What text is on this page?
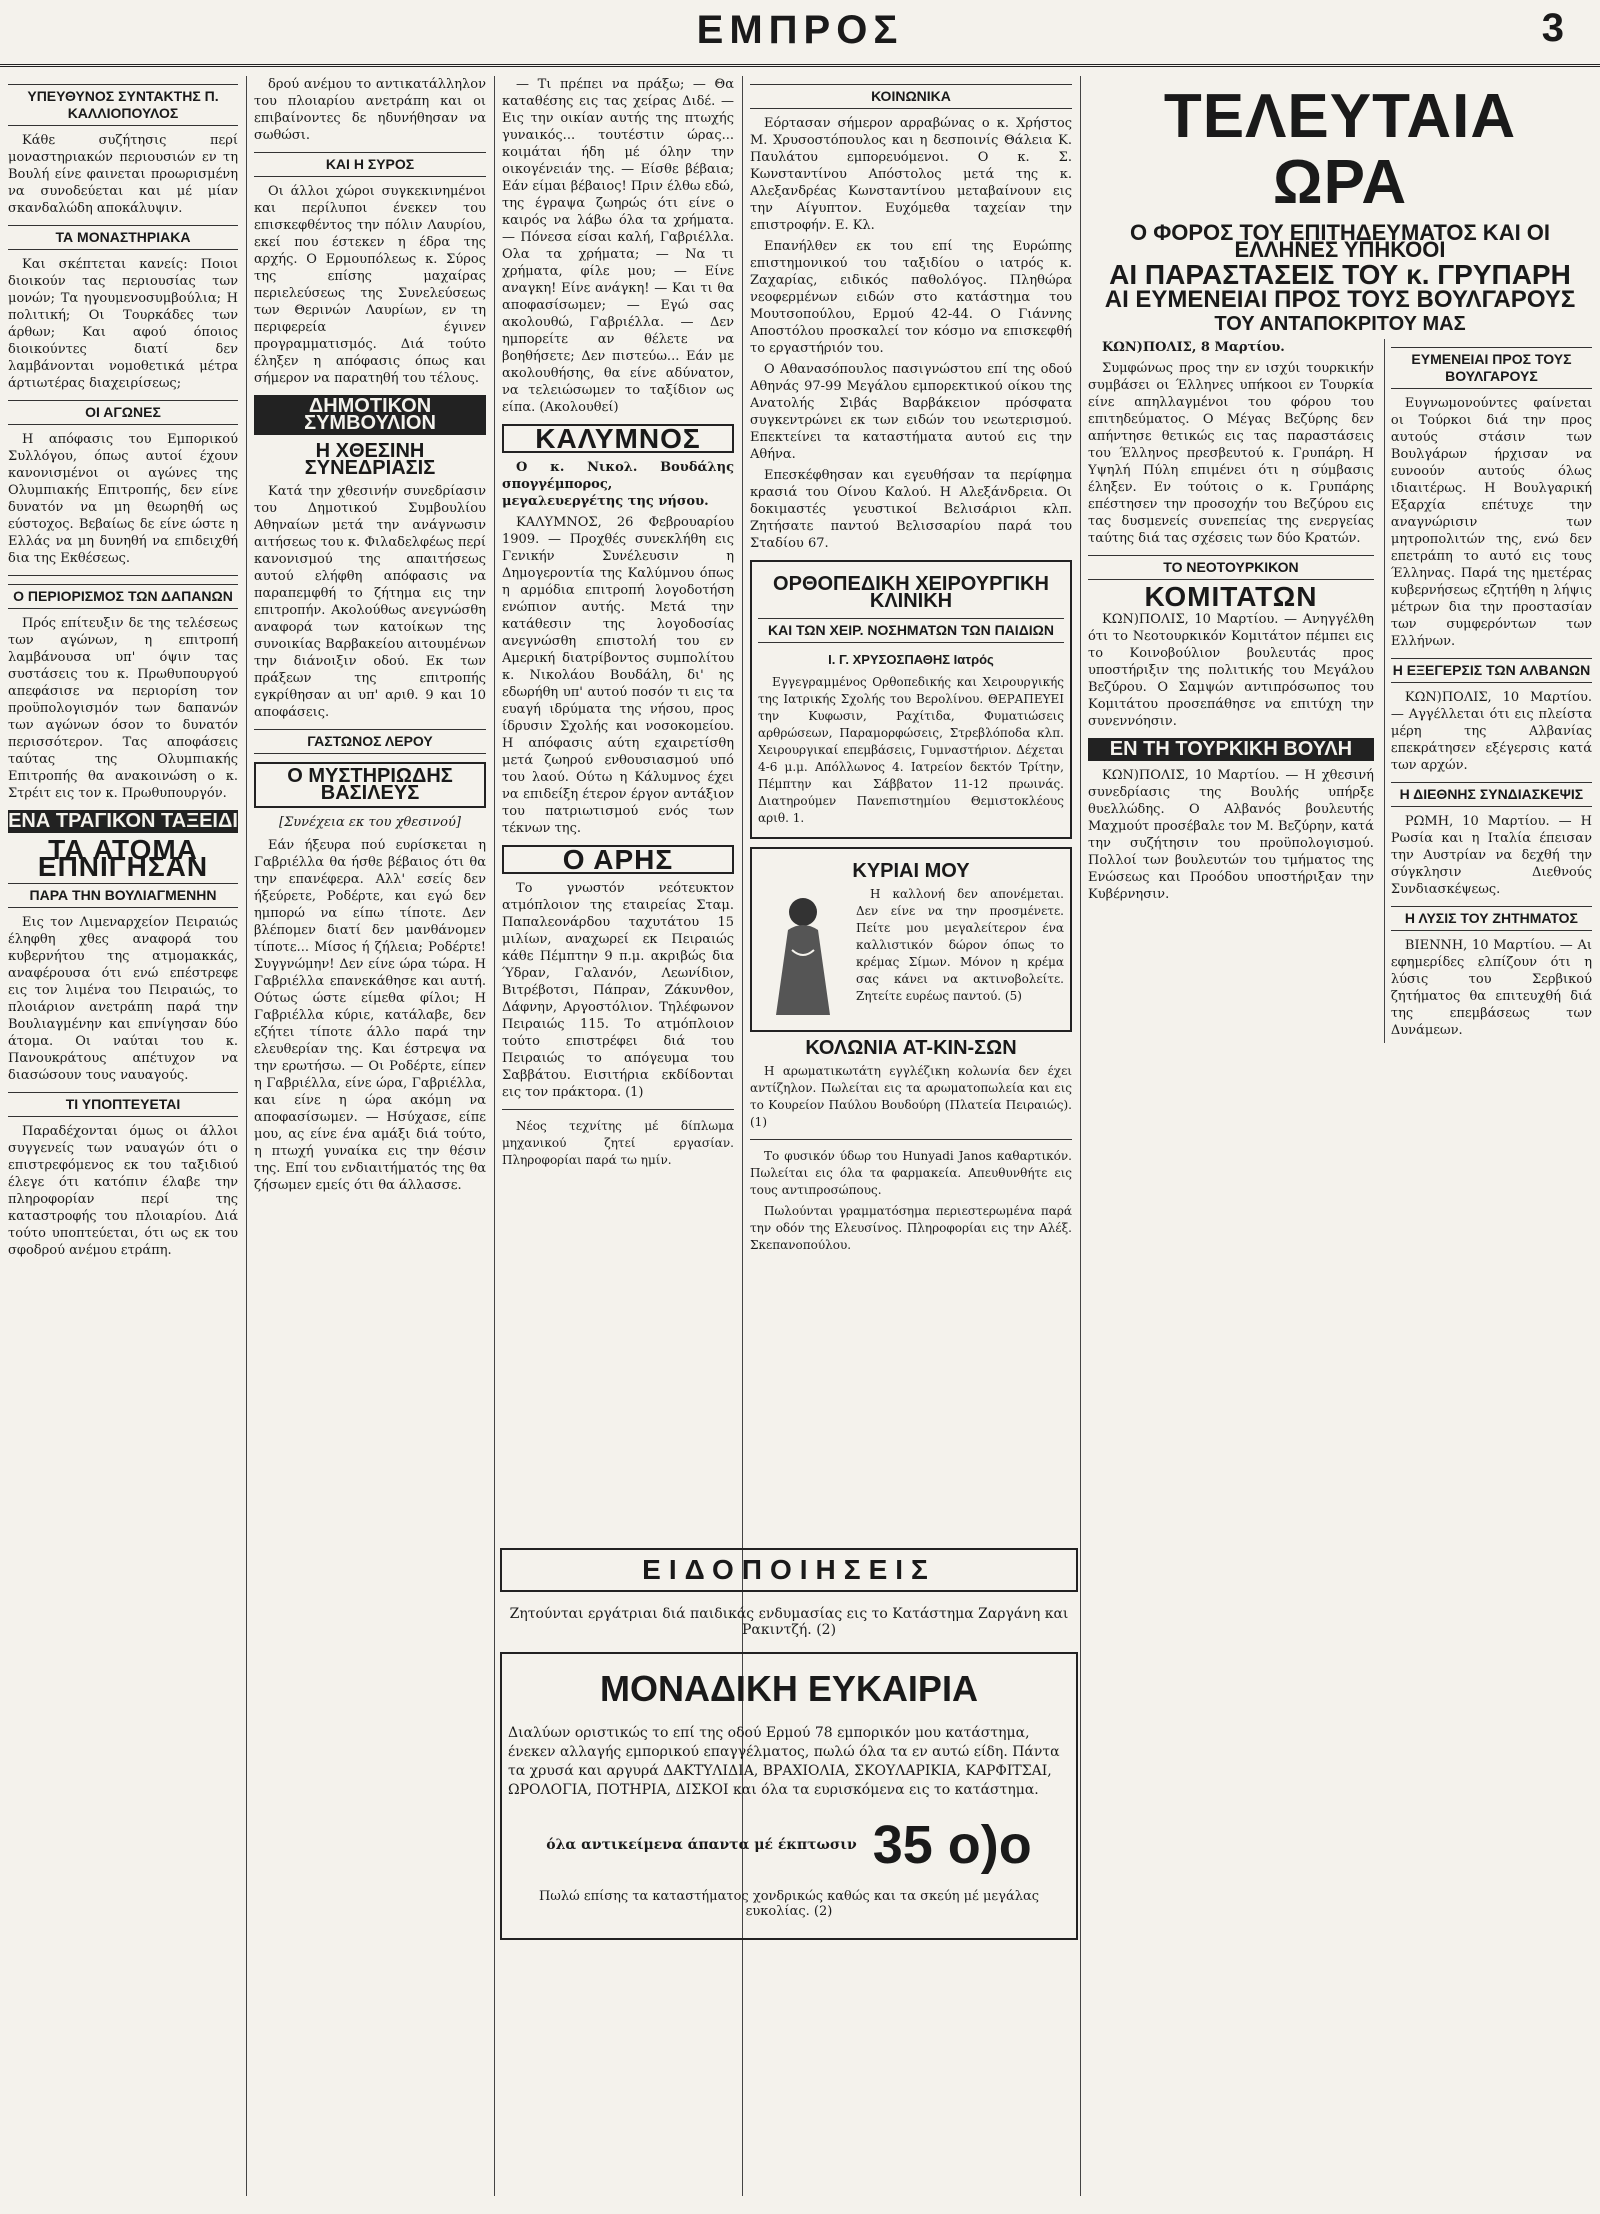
ΕΜΠΡΟΣ	3
ΥΠΕΥΘΥΝΟΣ ΣΥΝΤΑΚΤΗΣ Π. ΚΑΛΛΙΟΠΟΥΛΟΣ

Κάθε συζήτησις περί μοναστηριακών περιουσιών εν τη Βουλή είνε φαινεται προωρισμένη να συνοδεύεται και μέ μίαν σκανδαλώδη αποκάλυψιν.

ΤΑ ΜΟΝΑΣΤΗΡΙΑΚΑ

Και σκέπτεται κανείς: Ποιοι διοικούν τας περιουσίας των μονών; Τα ηγουμενοσυμβούλια; Η πολιτική; Οι Τουρκάδες των άρθων; Και αφού όποιος διοικούντες διατί δεν λαμβάνονται νομοθετικά μέτρα άρτιωτέρας διαχειρίσεως;

ΟΙ ΑΓΩΝΕΣ

Η απόφασις του Εμπορικού Συλλόγου, όπως αυτοί έχουν κανονισμένοι οι αγώνες της Ολυμπιακής Επιτροπής, δεν είνε δυνατόν να μη θεωρηθή ως εύστοχος. Βεβαίως δε είνε ώστε η Ελλάς να μη δυνηθή να επιδειχθή δια της Εκθέσεως.

Ο ΠΕΡΙΟΡΙΣΜΟΣ ΤΩΝ ΔΑΠΑΝΩΝ

Πρός επίτευξιν δε της τελέσεως των αγώνων, η επιτροπή λαμβάνουσα υπ' όψιν τας συστάσεις του κ. Πρωθυπουργού απεφάσισε να περιορίση τον προϋπολογισμόν των δαπανών των αγώνων όσον το δυνατόν περισσότερον. Τας αποφάσεις ταύτας της Ολυμπιακής Επιτροπής θα ανακοινώση ο κ. Στρέιτ εις τον κ. Πρωθυπουργόν.

ΕΝΑ ΤΡΑΓΙΚΟΝ ΤΑΞΕΙΔΙ
ΤΑ ΑΤΟΜΑ ΕΠΝΙΓΗΣΑΝ
ΠΑΡΑ ΤΗΝ ΒΟΥΛΙΑΓΜΕΝΗΝ

Εις τον Λιμεναρχείον Πειραιώς έληφθη χθες αναφορά του κυβερνήτου της ατμομακκάς, αναφέρουσα ότι ενώ επέστρεφε εις τον λιμένα του Πειραιώς, το πλοιάριον ανετράπη παρά την Βουλιαγμένην και επνίγησαν δύο άτομα. Οι ναύται του κ. Πανουκράτους απέτυχον να διασώσουν τους ναυαγούς.

ΤΙ ΥΠΟΠΤΕΥΕΤΑΙ

Παραδέχονται όμως οι άλλοι συγγενείς των ναυαγών ότι ο επιστρεφόμενος εκ του ταξιδιού έλεγε ότι κατόπιν έλαβε την πληροφορίαν περί της καταστροφής του πλοιαρίου. Διά τούτο υποπτεύεται, ότι ως εκ του σφοδρού ανέμου ετράπη.

δρού ανέμου το αντικατάλληλον του πλοιαρίου ανετράπη και οι επιβαίνοντες δε ηδυνήθησαν να σωθώσι.

ΚΑΙ Η ΣΥΡΟΣ

Οι άλλοι χώροι συγκεκινημένοι και περίλυποι ένεκεν του επισκεφθέντος την πόλιν Λαυρίου, εκεί που έστεκεν η έδρα της αρχής. Ο Ερμουπόλεως κ. Σύρος της επίσης μαχαίρας περιελεύσεως της Συνελεύσεως των Θερινών Λαυρίων, εν τη περιφερεία έγινεν προγραμματισμός. Διά τούτο έληξεν η απόφασις όπως και σήμερον να παρατηθή του τέλους.

ΔΗΜΟΤΙΚΟΝ ΣΥΜΒΟΥΛΙΟΝ
Η ΧΘΕΣΙΝΗ ΣΥΝΕΔΡΙΑΣΙΣ

Κατά την χθεσινήν συνεδρίασιν του Δημοτικού Συμβουλίου Αθηναίων μετά την ανάγνωσιν αιτήσεως του κ. Φιλαδελφέως περί κανονισμού της απαιτήσεως αυτού ελήφθη απόφασις να παραπεμφθή το ζήτημα εις την επιτροπήν. Ακολούθως ανεγνώσθη αναφορά των κατοίκων της συνοικίας Βαρβακείου αιτουμένων την διάνοιξιν οδού. Εκ των πράξεων της επιτροπής εγκρίθησαν αι υπ' αριθ. 9 και 10 αποφάσεις.

ΓΑΣΤΩΝΟΣ ΛΕΡΟΥ
Ο ΜΥΣΤΗΡΙΩΔΗΣ ΒΑΣΙΛΕΥΣ
[Συνέχεια εκ του χθεσινού]

Εάν ήξευρα πού ευρίσκεται η Γαβριέλλα θα ήσθε βέβαιος ότι θα την επανέφερα. Αλλ' εσείς δεν ήξεύρετε, Ροδέρτε, και εγώ δεν ημπορώ να είπω τίποτε. Δεν βλέπομεν διατί δεν μανθάνομεν τίποτε... Μίσος ή ζήλεια; Ροδέρτε! Συγγνώμην! Δεν είνε ώρα τώρα. Η Γαβριέλλα επανεκάθησε και αυτή. Ούτως ώστε είμεθα φίλοι; Η Γαβριέλλα κύριε, κατάλαβε, δεν εζήτει τίποτε άλλο παρά την ελευθερίαν της. Και έστρεψα να την ερωτήσω. — Οι Ροδέρτε, είπεν η Γαβριέλλα, είνε ώρα, Γαβριέλλα, και είνε η ώρα ακόμη να αποφασίσωμεν. — Ησύχασε, είπε μου, ας είνε ένα αμάξι διά τούτο, η πτωχή γυναίκα εις την θέσιν της. Επί του ενδιαιτήματός της θα ζήσωμεν εμείς ότι θα άλλασσε.

— Τι πρέπει να πράξω; — Θα καταθέσης εις τας χείρας Διδέ. — Εις την οικίαν αυτής της πτωχής γυναικός... τουτέστιν ώρας... κοιμάται ήδη μέ όλην την οικογένειάν της. — Είσθε βέβαια; Εάν είμαι βέβαιος! Πριν έλθω εδώ, της έγραψα ζωηρώς ότι είνε ο καιρός να λάβω όλα τα χρήματα. — Πόνεσα είσαι καλή, Γαβριέλλα. Ολα τα χρήματα; — Να τι χρήματα, φίλε μου; — Είνε αναγκη! Είνε ανάγκη! — Και τι θα αποφασίσωμεν; — Εγώ σας ακολουθώ, Γαβριέλλα. — Δεν ημπορείτε αν θέλετε να βοηθήσετε; Δεν πιστεύω... Εάν με ακολουθήσης, θα είνε αδύνατον, να τελειώσωμεν το ταξίδιον ως είπα. (Ακολουθεί)

ΚΑΛΥΜΝΟΣ

Ο κ. Νικολ. Βουδάλης σπογγέμπορος, μεγαλευεργέτης της νήσου.

ΚΑΛΥΜΝΟΣ, 26 Φεβρουαρίου 1909. — Προχθές συνεκλήθη εις Γενικήν Συνέλευσιν η Δημογεροντία της Καλύμνου όπως η αρμόδια επιτροπή λογοδοτήση ενώπιον αυτής. Μετά την κατάθεσιν της λογοδοσίας ανεγνώσθη επιστολή του εν Αμερική διατρίβοντος συμπολίτου κ. Νικολάου Βουδάλη, δι' ης εδωρήθη υπ' αυτού ποσόν τι εις τα ευαγή ιδρύματα της νήσου, προς ίδρυσιν Σχολής και νοσοκομείου. Η απόφασις αύτη εχαιρετίσθη μετά ζωηρού ενθουσιασμού υπό του λαού. Ούτω η Κάλυμνος έχει να επιδείξη έτερον έργον αντάξιον του πατριωτισμού ενός των τέκνων της.

Ο ΑΡΗΣ

Το γνωστόν νεότευκτον ατμόπλοιον της εταιρείας Σταμ. Παπαλεονάρδου ταχυτάτου 15 μιλίων, αναχωρεί εκ Πειραιώς κάθε Πέμπτην 9 π.μ. ακριβώς δια Ύδραν, Γαλανόν, Λεωνίδιον, Βιτρέβοτσι, Πάπραν, Ζάκυνθον, Δάφνην, Αργοστόλιον. Τηλέφωνον Πειραιώς 115. Το ατμόπλοιον τούτο επιστρέφει διά του Πειραιώς το απόγευμα του Σαββάτου. Εισιτήρια εκδίδονται εις τον πράκτορα. (1)

Νέος τεχνίτης μέ δίπλωμα μηχανικού ζητεί εργασίαν. Πληροφορίαι παρά τω ημίν.

ΚΟΙΝΩΝΙΚΑ

Εόρτασαν σήμερον αρραβώνας ο κ. Χρήστος Μ. Χρυσοστόπουλος και η δεσποινίς Θάλεια Κ. Παυλάτου εμπορευόμενοι. Ο κ. Σ. Κωνσταντίνου Απόστολος μετά της κ. Αλεξανδρέας Κωνσταντίνου μεταβαίνουν εις την Αίγυπτον. Ευχόμεθα ταχείαν την επιστροφήν. Ε. Κλ.

Επανήλθεν εκ του επί της Ευρώπης επιστημονικού του ταξιδίου ο ιατρός κ. Ζαχαρίας, ειδικός παθολόγος. Πληθώρα νεοφερμένων ειδών στο κατάστημα του Μουτσοπούλου, Ερμού 42-44. Ο Γιάννης Αποστόλου προσκαλεί τον κόσμο να επισκεφθή το εργαστήριόν του.

Ο Αθανασόπουλος πασιγνώστου επί της οδού Αθηνάς 97-99 Μεγάλου εμπορεκτικού οίκου της Ανατολής Σιβάς Βαρβάκειον πρόσφατα συγκεντρώνει εκ των ειδών του νεωτερισμού. Επεκτείνει τα καταστήματα αυτού εις την Αθήνα.

Επεσκέφθησαν και εγευθήσαν τα περίφημα κρασιά του Οίνου Καλού. Η Αλεξάνδρεια. Οι δοκιμαστές γευστικοί Βελισάριοι κλπ. Ζητήσατε παντού Βελισσαρίου παρά του Σταδίου 67.

ΟΡΘΟΠΕΔΙΚΗ ΧΕΙΡΟΥΡΓΙΚΗ ΚΛΙΝΙΚΗ
ΚΑΙ ΤΩΝ ΧΕΙΡ. ΝΟΣΗΜΑΤΩΝ ΤΩΝ ΠΑΙΔΙΩΝ
Ι. Γ. ΧΡΥΣΟΣΠΑΘΗΣ Ιατρός

Εγγεγραμμένος Ορθοπεδικής και Χειρουργικής της Ιατρικής Σχολής του Βερολίνου. ΘΕΡΑΠΕΥΕΙ την Κυφωσιν, Ραχίτιδα, Φυματιώσεις αρθρώσεων, Παραμορφώσεις, Στρεβλόποδα κλπ. Χειρουργικαί επεμβάσεις, Γυμναστήριον. Δέχεται 4-6 μ.μ. Απόλλωνος 4. Ιατρείον δεκτόν Τρίτην, Πέμπτην και Σάββατον 11-12 πρωινάς. Διατηρούμεν Πανεπιστημίου Θεμιστοκλέους αριθ. 1.

ΚΥΡΙΑΙ ΜΟΥ

Η καλλονή δεν απονέμεται. Δεν είνε να την προσμένετε. Πείτε μου μεγαλείτερον ένα καλλιστικόν δώρον όπως το κρέμας Σίμων. Μόνον η κρέμα σας κάνει να ακτινοβολείτε. Ζητείτε ευρέως παντού. (5)

ΚΟΛΩΝΙΑ ΑΤ-ΚΙΝ-ΣΩΝ

Η αρωματικωτάτη εγγλέζικη κολωνία δεν έχει αντίζηλον. Πωλείται εις τα αρωματοπωλεία και εις το Κουρείον Παύλου Βουδούρη (Πλατεία Πειραιώς). (1)

Το φυσικόν ύδωρ του Hunyadi Janos καθαρτικόν. Πωλείται εις όλα τα φαρμακεία. Απευθυνθήτε εις τους αντιπροσώπους.

Πωλούνται γραμματόσημα περιεστερωμένα παρά την οδόν της Ελευσίνος. Πληροφορίαι εις την Αλέξ. Σκεπανοπούλου.

ΤΕΛΕΥΤΑΙΑ ΩΡΑ
Ο ΦΟΡΟΣ ΤΟΥ ΕΠΙΤΗΔΕΥΜΑΤΟΣ ΚΑΙ ΟΙ ΕΛΛΗΝΕΣ ΥΠΗΚΟΟΙ
ΑΙ ΠΑΡΑΣΤΑΣΕΙΣ ΤΟΥ κ. ΓΡΥΠΑΡΗ
ΑΙ ΕΥΜΕΝΕΙΑΙ ΠΡΟΣ ΤΟΥΣ ΒΟΥΛΓΑΡΟΥΣ
ΤΟΥ ΑΝΤΑΠΟΚΡΙΤΟΥ ΜΑΣ

ΚΩΝ)ΠΟΛΙΣ, 8 Μαρτίου.

Συμφώνως προς την εν ισχύι τουρκικήν συμβάσει οι Έλληνες υπήκοοι εν Τουρκία είνε απηλλαγμένοι του φόρου του επιτηδεύματος. Ο Μέγας Βεζύρης δεν απήντησε θετικώς εις τας παραστάσεις του Έλληνος πρεσβευτού κ. Γρυπάρη. Η Υψηλή Πύλη επιμένει ότι η σύμβασις έληξεν. Εν τούτοις ο κ. Γρυπάρης επέστησεν την προσοχήν του Βεζύρου εις τας δυσμενείς συνεπείας της ενεργείας ταύτης διά τας σχέσεις των δύο Κρατών.

ΤΟ ΝΕΟΤΟΥΡΚΙΚΟΝ
ΚΟΜΙΤΑΤΩΝ

ΚΩΝ)ΠΟΛΙΣ, 10 Μαρτίου. — Ανηγγέλθη ότι το Νεοτουρκικόν Κομιτάτον πέμπει εις το Κοινοβούλιον βουλευτάς προς υποστήριξιν της πολιτικής του Μεγάλου Βεζύρου. Ο Σαμψών αντιπρόσωπος του Κομιτάτου προσεπάθησε να επιτύχη την συνεννόησιν.

ΕΝ ΤΗ ΤΟΥΡΚΙΚΗ ΒΟΥΛΗ

ΚΩΝ)ΠΟΛΙΣ, 10 Μαρτίου. — Η χθεσινή συνεδρίασις της Βουλής υπήρξε θυελλώδης. Ο Αλβανός βουλευτής Μαχμούτ προσέβαλε τον Μ. Βεζύρην, κατά την συζήτησιν του προϋπολογισμού. Πολλοί των βουλευτών του τμήματος της Ενώσεως και Προόδου υποστήριξαν την Κυβέρνησιν.

ΕΥΜΕΝΕΙΑΙ ΠΡΟΣ ΤΟΥΣ ΒΟΥΛΓΑΡΟΥΣ

Ευγνωμονούντες φαίνεται οι Τούρκοι διά την προς αυτούς στάσιν των Βουλγάρων ήρχισαν να ευνοούν αυτούς όλως ιδιαιτέρως. Η Βουλγαρική Εξαρχία επέτυχε την αναγνώρισιν των μητροπολιτών της, ενώ δεν επετράπη το αυτό εις τους Έλληνας. Παρά της ημετέρας κυβερνήσεως εζητήθη η λήψις μέτρων δια την προστασίαν των συμφερόντων των Ελλήνων.

Η ΕΞΕΓΕΡΣΙΣ ΤΩΝ ΑΛΒΑΝΩΝ

ΚΩΝ)ΠΟΛΙΣ, 10 Μαρτίου. — Αγγέλλεται ότι εις πλείστα μέρη της Αλβανίας επεκράτησεν εξέγερσις κατά των αρχών.

Η ΔΙΕΘΝΗΣ ΣΥΝΔΙΑΣΚΕΨΙΣ

ΡΩΜΗ, 10 Μαρτίου. — Η Ρωσία και η Ιταλία έπεισαν την Αυστρίαν να δεχθή την σύγκλησιν Διεθνούς Συνδιασκέψεως.

Η ΛΥΣΙΣ ΤΟΥ ΖΗΤΗΜΑΤΟΣ

ΒΙΕΝΝΗ, 10 Μαρτίου. — Αι εφημερίδες ελπίζουν ότι η λύσις του Σερβικού ζητήματος θα επιτευχθή διά της επεμβάσεως των Δυνάμεων.

ΕΙΔΟΠΟΙΗΣΕΙΣ

Ζητούνται εργάτριαι διά παιδικάς ενδυμασίας εις το Κατάστημα Ζαργάνη και Ρακιντζή. (2)

ΜΟΝΑΔΙΚΗ ΕΥΚΑΙΡΙΑ

Διαλύων οριστικώς το επί της οδού Ερμού 78 εμπορικόν μου κατάστημα, ένεκεν αλλαγής εμπορικού επαγγέλματος, πωλώ όλα τα εν αυτώ είδη. Πάντα τα χρυσά και αργυρά ΔΑΚΤΥΛΙΔΙΑ, ΒΡΑΧΙΟΛΙΑ, ΣΚΟΥΛΑΡΙΚΙΑ, ΚΑΡΦΙΤΣΑΙ, ΩΡΟΛΟΓΙΑ, ΠΟΤΗΡΙΑ, ΔΙΣΚΟΙ και όλα τα ευρισκόμενα εις το κατάστημα.

όλα αντικείμενα άπαντα μέ έκπτωσιν 35 ο)ο

Πωλώ επίσης τα καταστήματος χονδρικώς καθώς και τα σκεύη μέ μεγάλας ευκολίας. (2)
